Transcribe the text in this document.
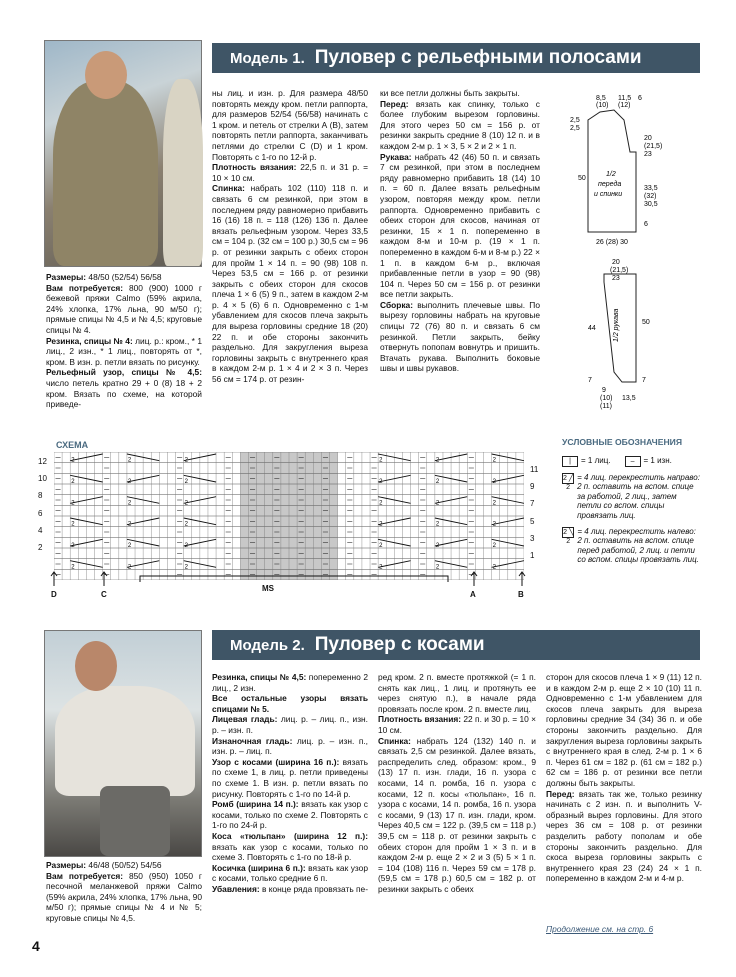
Модель 1. Пуловер с рельефными полосами

Размеры: 48/50 (52/54) 56/58

Вам потребуется: 800 (900) 1000 г бежевой пряжи Calmo (59% акрила, 24% хлопка, 17% льна, 90 м/50 г); прямые спицы № 4,5 и № 4,5; круговые спицы № 4.

Резинка, спицы № 4: лиц. р.: кром., * 1 лиц., 2 изн., * 1 лиц., повторять от *, кром. В изн. р. петли вязать по рисунку.

Рельефный узор, спицы № 4,5: число петель кратно 29 + 0 (8) 18 + 2 кром. Вязать по схеме, на которой приведе-

ны лиц. и изн. р. Для размера 48/50 повторять между кром. петли раппорта, для размеров 52/54 (56/58) начинать с 1 кром. и петель от стрелки А (В), затем повторять петли раппорта, заканчивать петлями до стрелки С (D) и 1 кром. Повторять с 1-го по 12-й р.

Плотность вязания: 22,5 п. и 31 р. = 10 × 10 см.

Спинка: набрать 102 (110) 118 п. и связать 6 см резинкой, при этом в последнем ряду равномерно прибавить 16 (16) 18 п. = 118 (126) 136 п. Далее вязать рельефным узором. Через 33,5 см = 104 р. (32 см = 100 р.) 30,5 см = 96 р. от резинки закрыть с обеих сторон для пройм 1 × 14 п. = 90 (98) 108 п. Через 53,5 см = 166 р. от резинки закрыть с обеих сторон для скосов плеча 1 × 6 (5) 9 п., затем в каждом 2-м р. 4 × 5 (6) 6 п. Одновременно с 1-м убавлением для скосов плеча закрыть для выреза горловины средние 18 (20) 22 п. и обе стороны закончить раздельно. Для закругления выреза горловины закрыть с внутреннего края в каждом 2-м р. 1 × 4 и 2 × 3 п. Через 56 см = 174 р. от резин-

ки все петли должны быть закрыты.

Перед: вязать как спинку, только с более глубоким вырезом горловины. Для этого через 50 см = 156 р. от резинки закрыть средние 8 (10) 12 п. и в каждом 2-м р. 1 × 3, 5 × 2 и 2 × 1 п.

Рукава: набрать 42 (46) 50 п. и связать 7 см резинкой, при этом в последнем ряду равномерно прибавить 18 (14) 10 п. = 60 п. Далее вязать рельефным узором, повторяя между кром. петли раппорта. Одновременно прибавить с обеих сторон для скосов, начиная от резинки, 15 × 1 п. попеременно в каждом 8-м и 10-м р. (19 × 1 п. попеременно в каждом 6-м и 8-м р.) 22 × 1 п. в каждом 6-м р., включая прибавленные петли в узор = 90 (98) 104 п. Через 50 см = 156 р. от резинки все петли закрыть.

Сборка: выполнить плечевые швы. По вырезу горловины набрать на круговые спицы 72 (76) 80 п. и связать 6 см резинкой. Петли закрыть, бейку отвернуть попопам вовнутрь и пришить. Втачать рукава. Выполнить боковые швы и швы рукавов.

8,5 11,5
(10) (12)
6
2,5
2,5
20
(21,5)
23
50
33,5
(32)
30,5
6
1/2
переда
и спинки
26 (28) 30
20
(21,5)
23
44
50
7	7
1/2 рукава
9
(10)
(11)
13,5
СХЕМА
2	2	2	2	2	2
2	2	2	2	2	2
2	2	2	2	2	2
2	2	2	2	2	2
2	2	2	2	2	2
2	2	2	2	2	2
12
10
8
6
4
2
11
9
7
5
3
1
D	C
MS
A	B
УСЛОВНЫЕ ОБОЗНАЧЕНИЯ
|	= 1 лиц.	–	= 1 изн.
2 ╱ 2
= 4 лиц. перекрестить направо: 2 п. оставить на вспом. спице за работой, 2 лиц., затем петли со вспом. спицы провязать лиц.
2 ╲ 2
= 4 лиц. перекрестить налево: 2 п. оставить на вспом. спице перед работой, 2 лиц. и петли со вспом. спицы провязать лиц.
Модель 2. Пуловер с косами

Размеры: 46/48 (50/52) 54/56

Вам потребуется: 850 (950) 1050 г песочной меланжевой пряжи Calmo (59% акрила, 24% хлопка, 17% льна, 90 м/50 г); прямые спицы № 4 и № 5; круговые спицы № 4,5.

Резинка, спицы № 4,5: попеременно 2 лиц., 2 изн.

Все остальные узоры вязать спицами № 5.

Лицевая гладь: лиц. р. – лиц. п., изн. р. – изн. п.

Изнаночная гладь: лиц. р. – изн. п., изн. р. – лиц. п.

Узор с косами (ширина 16 п.): вязать по схеме 1, в лиц. р. петли приведены по схеме 1. В изн. р. петли вязать по рисунку. Повторять с 1-го по 14-й р.

Ромб (ширина 14 п.): вязать как узор с косами, только по схеме 2. Повторять с 1-го по 24-й р.

Коса «тюльпан» (ширина 12 п.): вязать как узор с косами, только по схеме 3. Повторять с 1-го по 18-й р.

Косичка (ширина 6 п.): вязать как узор с косами, только средние 6 п.

Убавления: в конце ряда провязать пе-

ред кром. 2 п. вместе протяжкой (= 1 п. снять как лиц., 1 лиц. и протянуть ее через снятую п.), в начале ряда провязать после кром. 2 п. вместе лиц.

Плотность вязания: 22 п. и 30 р. = 10 × 10 см.

Спинка: набрать 124 (132) 140 п. и связать 2,5 см резинкой. Далее вязать, распределить след. образом: кром., 9 (13) 17 п. изн. глади, 16 п. узора с косами, 14 п. ромба, 16 п. узора с косами, 12 п. косы «тюльпан», 16 п. узора с косами, 14 п. ромба, 16 п. узора с косами, 9 (13) 17 п. изн. глади, кром. Через 40,5 см = 122 р. (39,5 см = 118 р.) 39,5 см = 118 р. от резинки закрыть с обеих сторон для пройм 1 × 3 п. и в каждом 2-м р. еще 2 × 2 и 3 (5) 5 × 1 п. = 104 (108) 116 п. Через 59 см = 178 р. (59,5 см = 178 р.) 60,5 см = 182 р. от резинки закрыть с обеих

сторон для скосов плеча 1 × 9 (11) 12 п. и в каждом 2-м р. еще 2 × 10 (10) 11 п. Одновременно с 1-м убавлением для скосов плеча закрыть для выреза горловины средние 34 (34) 36 п. и обе стороны закончить раздельно. Для закругления выреза горловины закрыть с внутреннего края в след. 2-м р. 1 × 6 п. Через 61 см = 182 р. (61 см = 182 р.) 62 см = 186 р. от резинки все петли должны быть закрыты.

Перед: вязать так же, только резинку начинать с 2 изн. п. и выполнить V-образный вырез горловины. Для этого через 36 см = 108 р. от резинки разделить работу пополам и обе стороны закончить раздельно. Для скоса выреза горловины закрыть с внутреннего края 23 (24) 24 × 1 п. попеременно в каждом 2-м и 4-м р.

Продолжение см. на стр. 6
4
